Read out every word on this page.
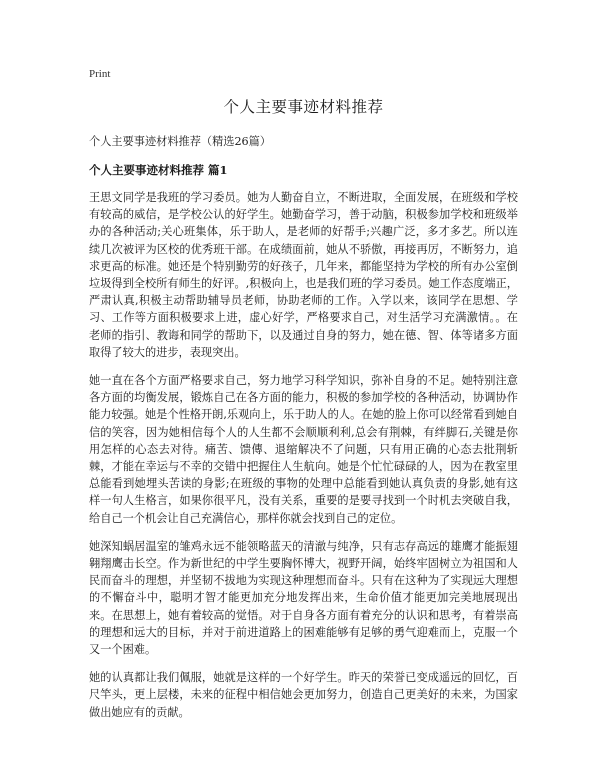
Print
个人主要事迹材料推荐
个人主要事迹材料推荐（精选26篇）
个人主要事迹材料推荐 篇1

王思文同学是我班的学习委员。她为人勤奋自立，不断进取，全面发展，在班级和学校有较高的威信，是学校公认的好学生。她勤奋学习，善于动脑，积极参加学校和班级举办的各种活动;关心班集体，乐于助人，是老师的好帮手;兴趣广泛，多才多艺。所以连续几次被评为区校的优秀班干部。在成绩面前，她从不骄傲，再接再厉，不断努力，追求更高的标准。她还是个特别勤劳的好孩子，几年来，都能坚持为学校的所有办公室倒垃圾得到全校所有师生的好评。,积极向上，也是我们班的学习委员。她工作态度端正，严肃认真,积极主动帮助辅导员老师，协助老师的工作。入学以来，该同学在思想、学习、工作等方面积极要求上进，虚心好学，严格要求自己，对生活学习充满激情。。在老师的指引、教诲和同学的帮助下，以及通过自身的努力，她在德、智、体等诸多方面取得了较大的进步，表现突出。

她一直在各个方面严格要求自己，努力地学习科学知识，弥补自身的不足。她特别注意各方面的均衡发展，锻炼自己在各方面的能力，积极的参加学校的各种活动，协调协作能力较强。她是个性格开朗,乐观向上，乐于助人的人。在她的脸上你可以经常看到她自信的笑容，因为她相信每个人的人生都不会顺顺利利,总会有荆棘，有绊脚石,关键是你用怎样的心态去对待。痛苦、馈傳、退缩解决不了问题，只有用正确的心态去批荆斩棘，才能在幸运与不幸的交错中把握住人生航向。她是个忙忙碌碌的人，因为在教室里总能看到她埋头苦读的身影;在班级的事物的处理中总能看到她认真负责的身影,她有这样一句人生格言，如果你很平凡，没有关系，重要的是要寻找到一个时机去突破自我，给自己一个机会让自己充满信心，那样你就会找到自己的定位。

她深知蜗居温室的雏鸡永远不能领略蓝天的清澈与纯净，只有志存高远的雄鹰才能振翅翱翔鹰击长空。作为新世纪的中学生要胸怀博大，视野开阔，始终牢固树立为祖国和人民而奋斗的理想，并坚韧不拔地为实现这种理想而奋斗。只有在这种为了实现远大理想的不懈奋斗中，聪明才智才能更加充分地发挥出来，生命价值才能更加完美地展现出来。在思想上，她有着较高的觉悟。对于自身各方面有着充分的认识和思考，有着崇高的理想和远大的目标，并对于前进道路上的困难能够有足够的勇气迎难而上，克服一个又一个困难。

她的认真都让我们佩服，她就是这样的一个好学生。昨天的荣誉已变成遥远的回忆，百尺竿头，更上层楼，未来的征程中相信她会更加努力，创造自己更美好的未来，为国家做出她应有的贡献。
